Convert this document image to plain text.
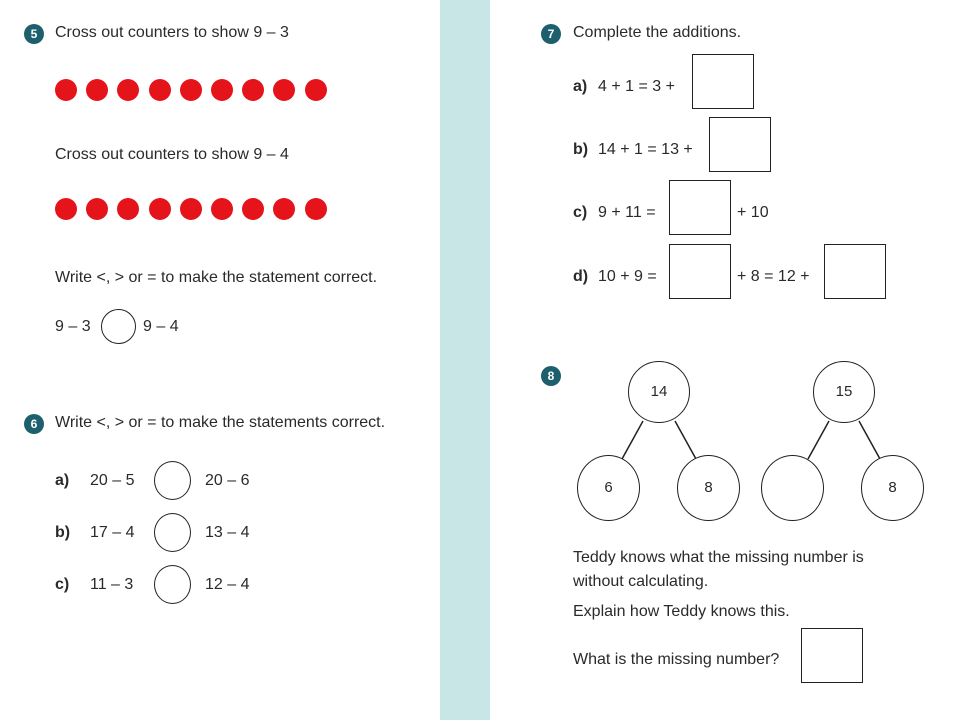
5	Cross out counters to show 9 – 3
Cross out counters to show 9 – 4
Write <, > or = to make the statement correct.
9 – 3	9 – 4
6	Write <, > or = to make the statements correct.
a) 20 – 5	20 – 6
b) 17 – 4	13 – 4
c) 11 – 3	12 – 4
7	Complete the additions.
a) 4 + 1 = 3 +
b) 14 + 1 = 13 +
c) 9 + 11 =	+ 10
d) 10 + 9 =	+ 8 = 12 +
8
14
6	8
15
8
Teddy knows what the missing number is
without calculating.
Explain how Teddy knows this.
What is the missing number?
